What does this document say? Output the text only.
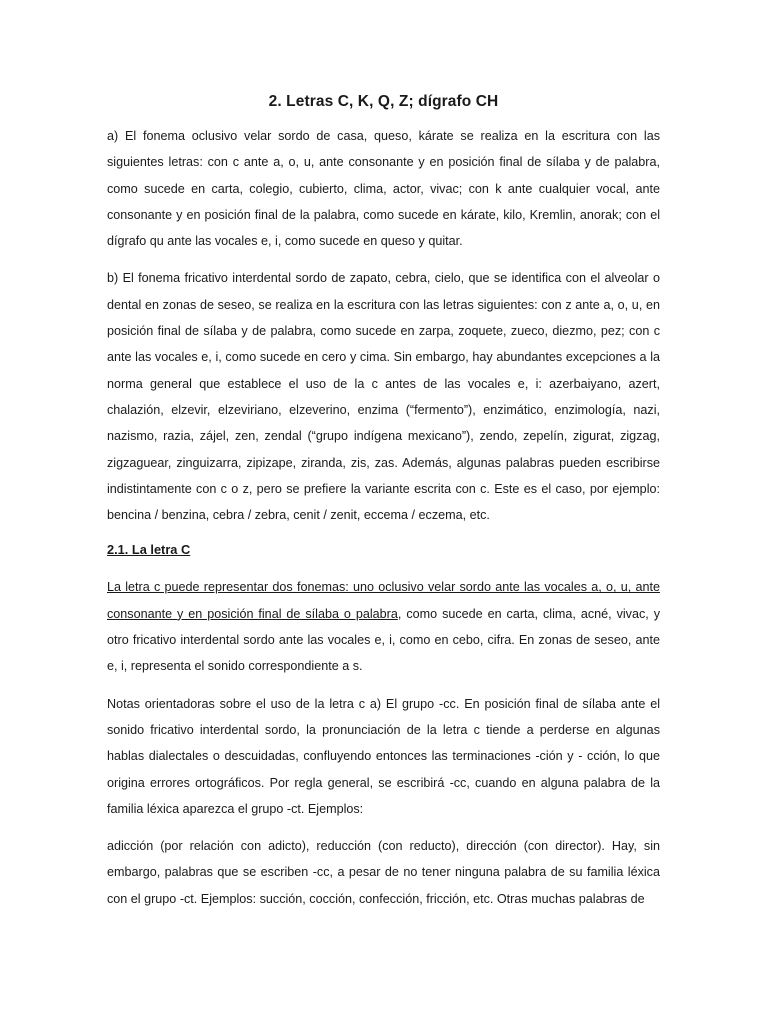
2. Letras C, K, Q, Z; dígrafo CH

a) El fonema oclusivo velar sordo de casa, queso, kárate se realiza en la escritura con las siguientes letras: con c ante a, o, u, ante consonante y en posición final de sílaba y de palabra, como sucede en carta, colegio, cubierto, clima, actor, vivac; con k ante cualquier vocal, ante consonante y en posición final de la palabra, como sucede en kárate, kilo, Kremlin, anorak; con el dígrafo qu ante las vocales e, i, como sucede en queso y quitar.

b) El fonema fricativo interdental sordo de zapato, cebra, cielo, que se identifica con el alveolar o dental en zonas de seseo, se realiza en la escritura con las letras siguientes: con z ante a, o, u, en posición final de sílaba y de palabra, como sucede en zarpa, zoquete, zueco, diezmo, pez; con c ante las vocales e, i, como sucede en cero y cima. Sin embargo, hay abundantes excepciones a la norma general que establece el uso de la c antes de las vocales e, i: azerbaiyano, azert, chalazión, elzevir, elzeviriano, elzeverino, enzima (“fermento”), enzimático, enzimología, nazi, nazismo, razia, zájel, zen, zendal (“grupo indígena mexicano”), zendo, zepelín, zigurat, zigzag, zigzaguear, zinguizarra, zipizape, ziranda, zis, zas. Además, algunas palabras pueden escribirse indistintamente con c o z, pero se prefiere la variante escrita con c. Este es el caso, por ejemplo: bencina / benzina, cebra / zebra, cenit / zenit, eccema / eczema, etc.

2.1. La letra C

La letra c puede representar dos fonemas: uno oclusivo velar sordo ante las vocales a, o, u, ante consonante y en posición final de sílaba o palabra, como sucede en carta, clima, acné, vivac, y otro fricativo interdental sordo ante las vocales e, i, como en cebo, cifra. En zonas de seseo, ante e, i, representa el sonido correspondiente a s.

Notas orientadoras sobre el uso de la letra c a) El grupo -cc. En posición final de sílaba ante el sonido fricativo interdental sordo, la pronunciación de la letra c tiende a perderse en algunas hablas dialectales o descuidadas, confluyendo entonces las terminaciones -ción y - cción, lo que origina errores ortográficos. Por regla general, se escribirá -cc, cuando en alguna palabra de la familia léxica aparezca el grupo -ct. Ejemplos:

adicción (por relación con adicto), reducción (con reducto), dirección (con director). Hay, sin embargo, palabras que se escriben -cc, a pesar de no tener ninguna palabra de su familia léxica con el grupo -ct. Ejemplos: succión, cocción, confección, fricción, etc. Otras muchas palabras de
